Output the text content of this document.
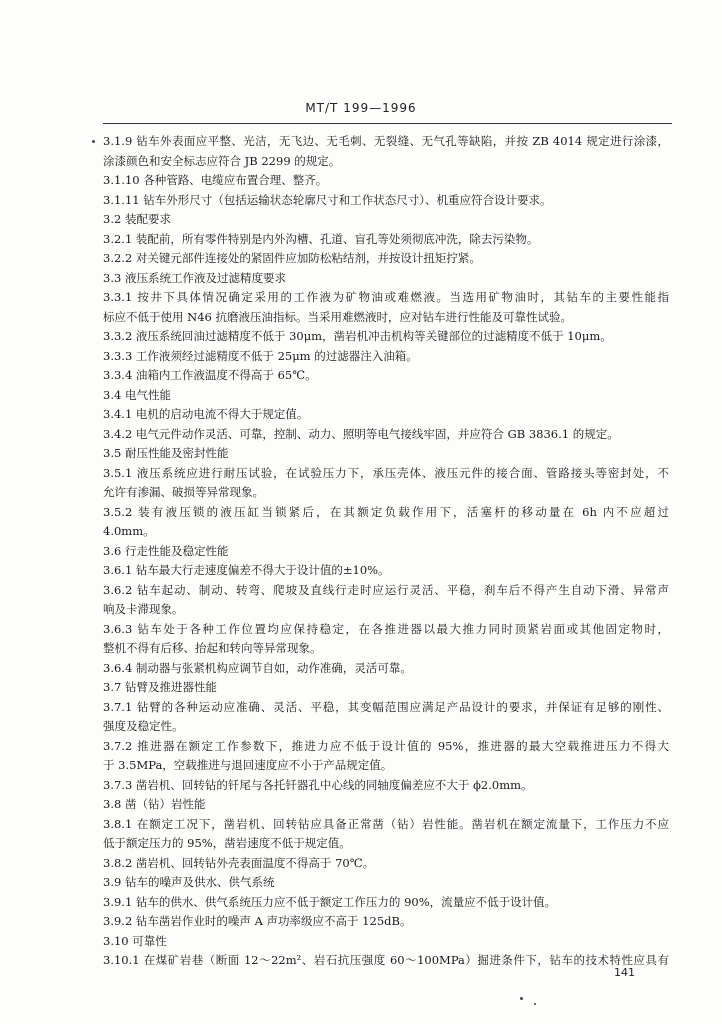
MT/T 199—1996
3.1.9 钻车外表面应平整、光洁，无飞边、无毛刺、无裂缝、无气孔等缺陷，并按 ZB 4014 规定进行涂漆，
涂漆颜色和安全标志应符合 JB 2299 的规定。
3.1.10 各种管路、电缆应布置合理、整齐。
3.1.11 钻车外形尺寸（包括运输状态轮廓尺寸和工作状态尺寸）、机重应符合设计要求。
3.2 装配要求
3.2.1 装配前，所有零件特别是内外沟槽、孔道、盲孔等处须彻底冲洗，除去污染物。
3.2.2 对关键元部件连接处的紧固件应加防松粘结剂，并按设计扭矩拧紧。
3.3 液压系统工作液及过滤精度要求
3.3.1 按井下具体情况确定采用的工作液为矿物油或难燃液。当选用矿物油时，其钻车的主要性能指
标应不低于使用 N46 抗磨液压油指标。当采用难燃液时，应对钻车进行性能及可靠性试验。
3.3.2 液压系统回油过滤精度不低于 30μm，凿岩机冲击机构等关键部位的过滤精度不低于 10μm。
3.3.3 工作液须经过滤精度不低于 25μm 的过滤器注入油箱。
3.3.4 油箱内工作液温度不得高于 65℃。
3.4 电气性能
3.4.1 电机的启动电流不得大于规定值。
3.4.2 电气元件动作灵活、可靠，控制、动力、照明等电气接线牢固，并应符合 GB 3836.1 的规定。
3.5 耐压性能及密封性能
3.5.1 液压系统应进行耐压试验，在试验压力下，承压壳体、液压元件的接合面、管路接头等密封处，不
允许有渗漏、破损等异常现象。
3.5.2 装有液压锁的液压缸当锁紧后，在其额定负载作用下，活塞杆的移动量在 6h 内不应超过
4.0mm。
3.6 行走性能及稳定性能
3.6.1 钻车最大行走速度偏差不得大于设计值的±10%。
3.6.2 钻车起动、制动、转弯、爬坡及直线行走时应运行灵活、平稳，刹车后不得产生自动下滑、异常声
响及卡滞现象。
3.6.3 钻车处于各种工作位置均应保持稳定，在各推进器以最大推力同时顶紧岩面或其他固定物时，
整机不得有后移、抬起和转向等异常现象。
3.6.4 制动器与张紧机构应调节自如，动作准确，灵活可靠。
3.7 钻臂及推进器性能
3.7.1 钻臂的各种运动应准确、灵活、平稳，其变幅范围应满足产品设计的要求，并保证有足够的刚性、
强度及稳定性。
3.7.2 推进器在额定工作参数下，推进力应不低于设计值的 95%，推进器的最大空载推进压力不得大
于 3.5MPa，空载推进与退回速度应不小于产品规定值。
3.7.3 凿岩机、回转钻的钎尾与各托钎器孔中心线的同轴度偏差应不大于 ϕ2.0mm。
3.8 凿（钻）岩性能
3.8.1 在额定工况下，凿岩机、回转钻应具备正常凿（钻）岩性能。凿岩机在额定流量下，工作压力不应
低于额定压力的 95%，凿岩速度不低于规定值。
3.8.2 凿岩机、回转钻外壳表面温度不得高于 70℃。
3.9 钻车的噪声及供水、供气系统
3.9.1 钻车的供水、供气系统压力应不低于额定工作压力的 90%，流量应不低于设计值。
3.9.2 钻车凿岩作业时的噪声 A 声功率级应不高于 125dB。
3.10 可靠性
3.10.1 在煤矿岩巷（断面 12～22m²、岩石抗压强度 60～100MPa）掘进条件下，钻车的技术特性应具有
141
